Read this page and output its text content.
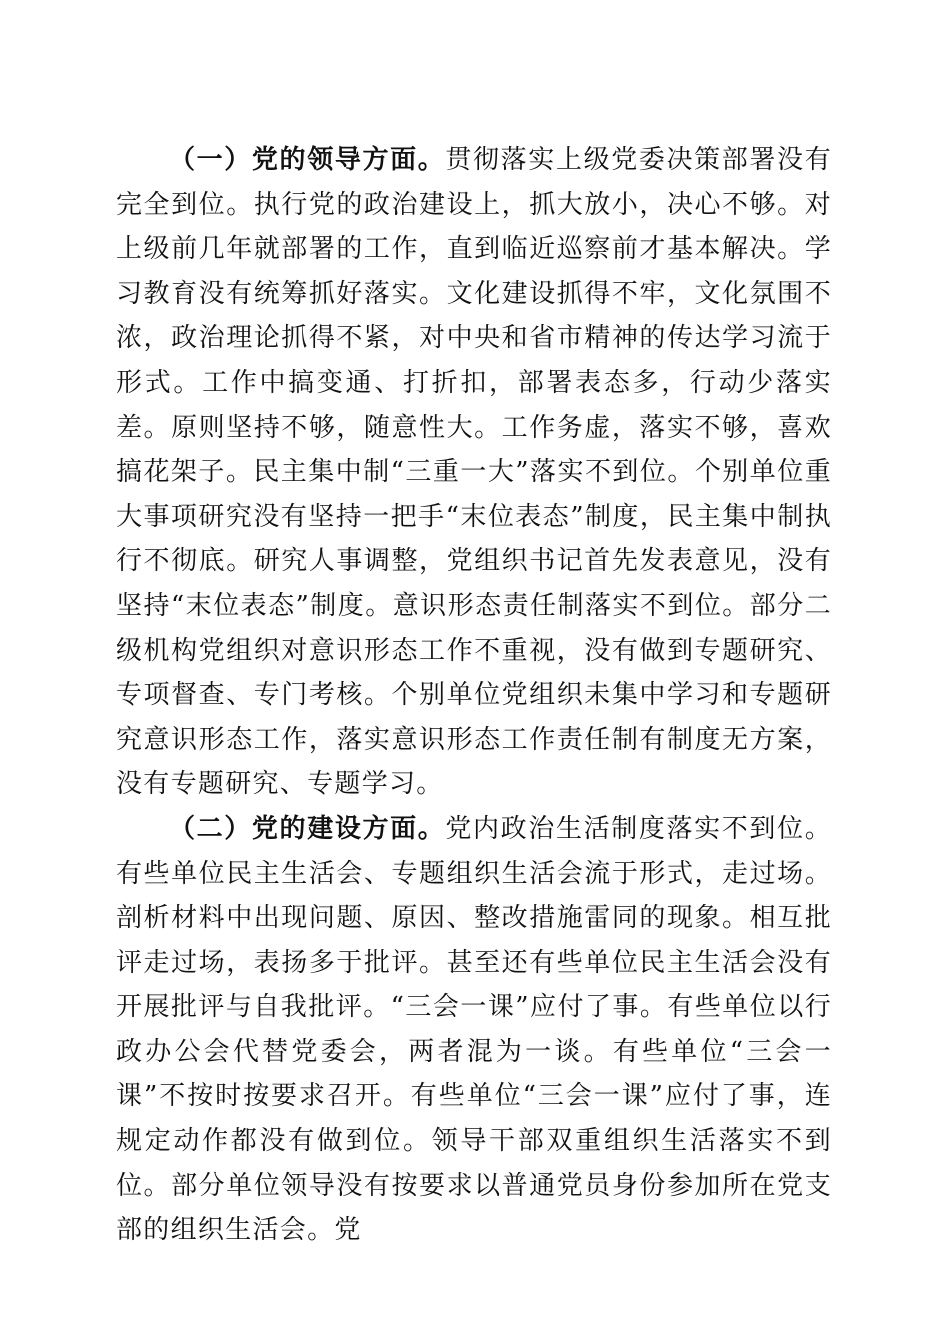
（一）党的领导方面。贯彻落实上级党委决策部署没有完全到位。执行党的政治建设上，抓大放小，决心不够。对上级前几年就部署的工作，直到临近巡察前才基本解决。学习教育没有统筹抓好落实。文化建设抓得不牢，文化氛围不浓，政治理论抓得不紧，对中央和省市精神的传达学习流于形式。工作中搞变通、打折扣，部署表态多，行动少落实差。原则坚持不够，随意性大。工作务虚，落实不够，喜欢搞花架子。民主集中制“三重一大”落实不到位。个别单位重大事项研究没有坚持一把手“末位表态”制度，民主集中制执行不彻底。研究人事调整，党组织书记首先发表意见，没有坚持“末位表态”制度。意识形态责任制落实不到位。部分二级机构党组织对意识形态工作不重视，没有做到专题研究、专项督查、专门考核。个别单位党组织未集中学习和专题研究意识形态工作，落实意识形态工作责任制有制度无方案，没有专题研究、专题学习。

（二）党的建设方面。党内政治生活制度落实不到位。有些单位民主生活会、专题组织生活会流于形式，走过场。剖析材料中出现问题、原因、整改措施雷同的现象。相互批评走过场，表扬多于批评。甚至还有些单位民主生活会没有开展批评与自我批评。“三会一课”应付了事。有些单位以行政办公会代替党委会，两者混为一谈。有些单位“三会一课”不按时按要求召开。有些单位“三会一课”应付了事，连规定动作都没有做到位。领导干部双重组织生活落实不到位。部分单位领导没有按要求以普通党员身份参加所在党支部的组织生活会。党
